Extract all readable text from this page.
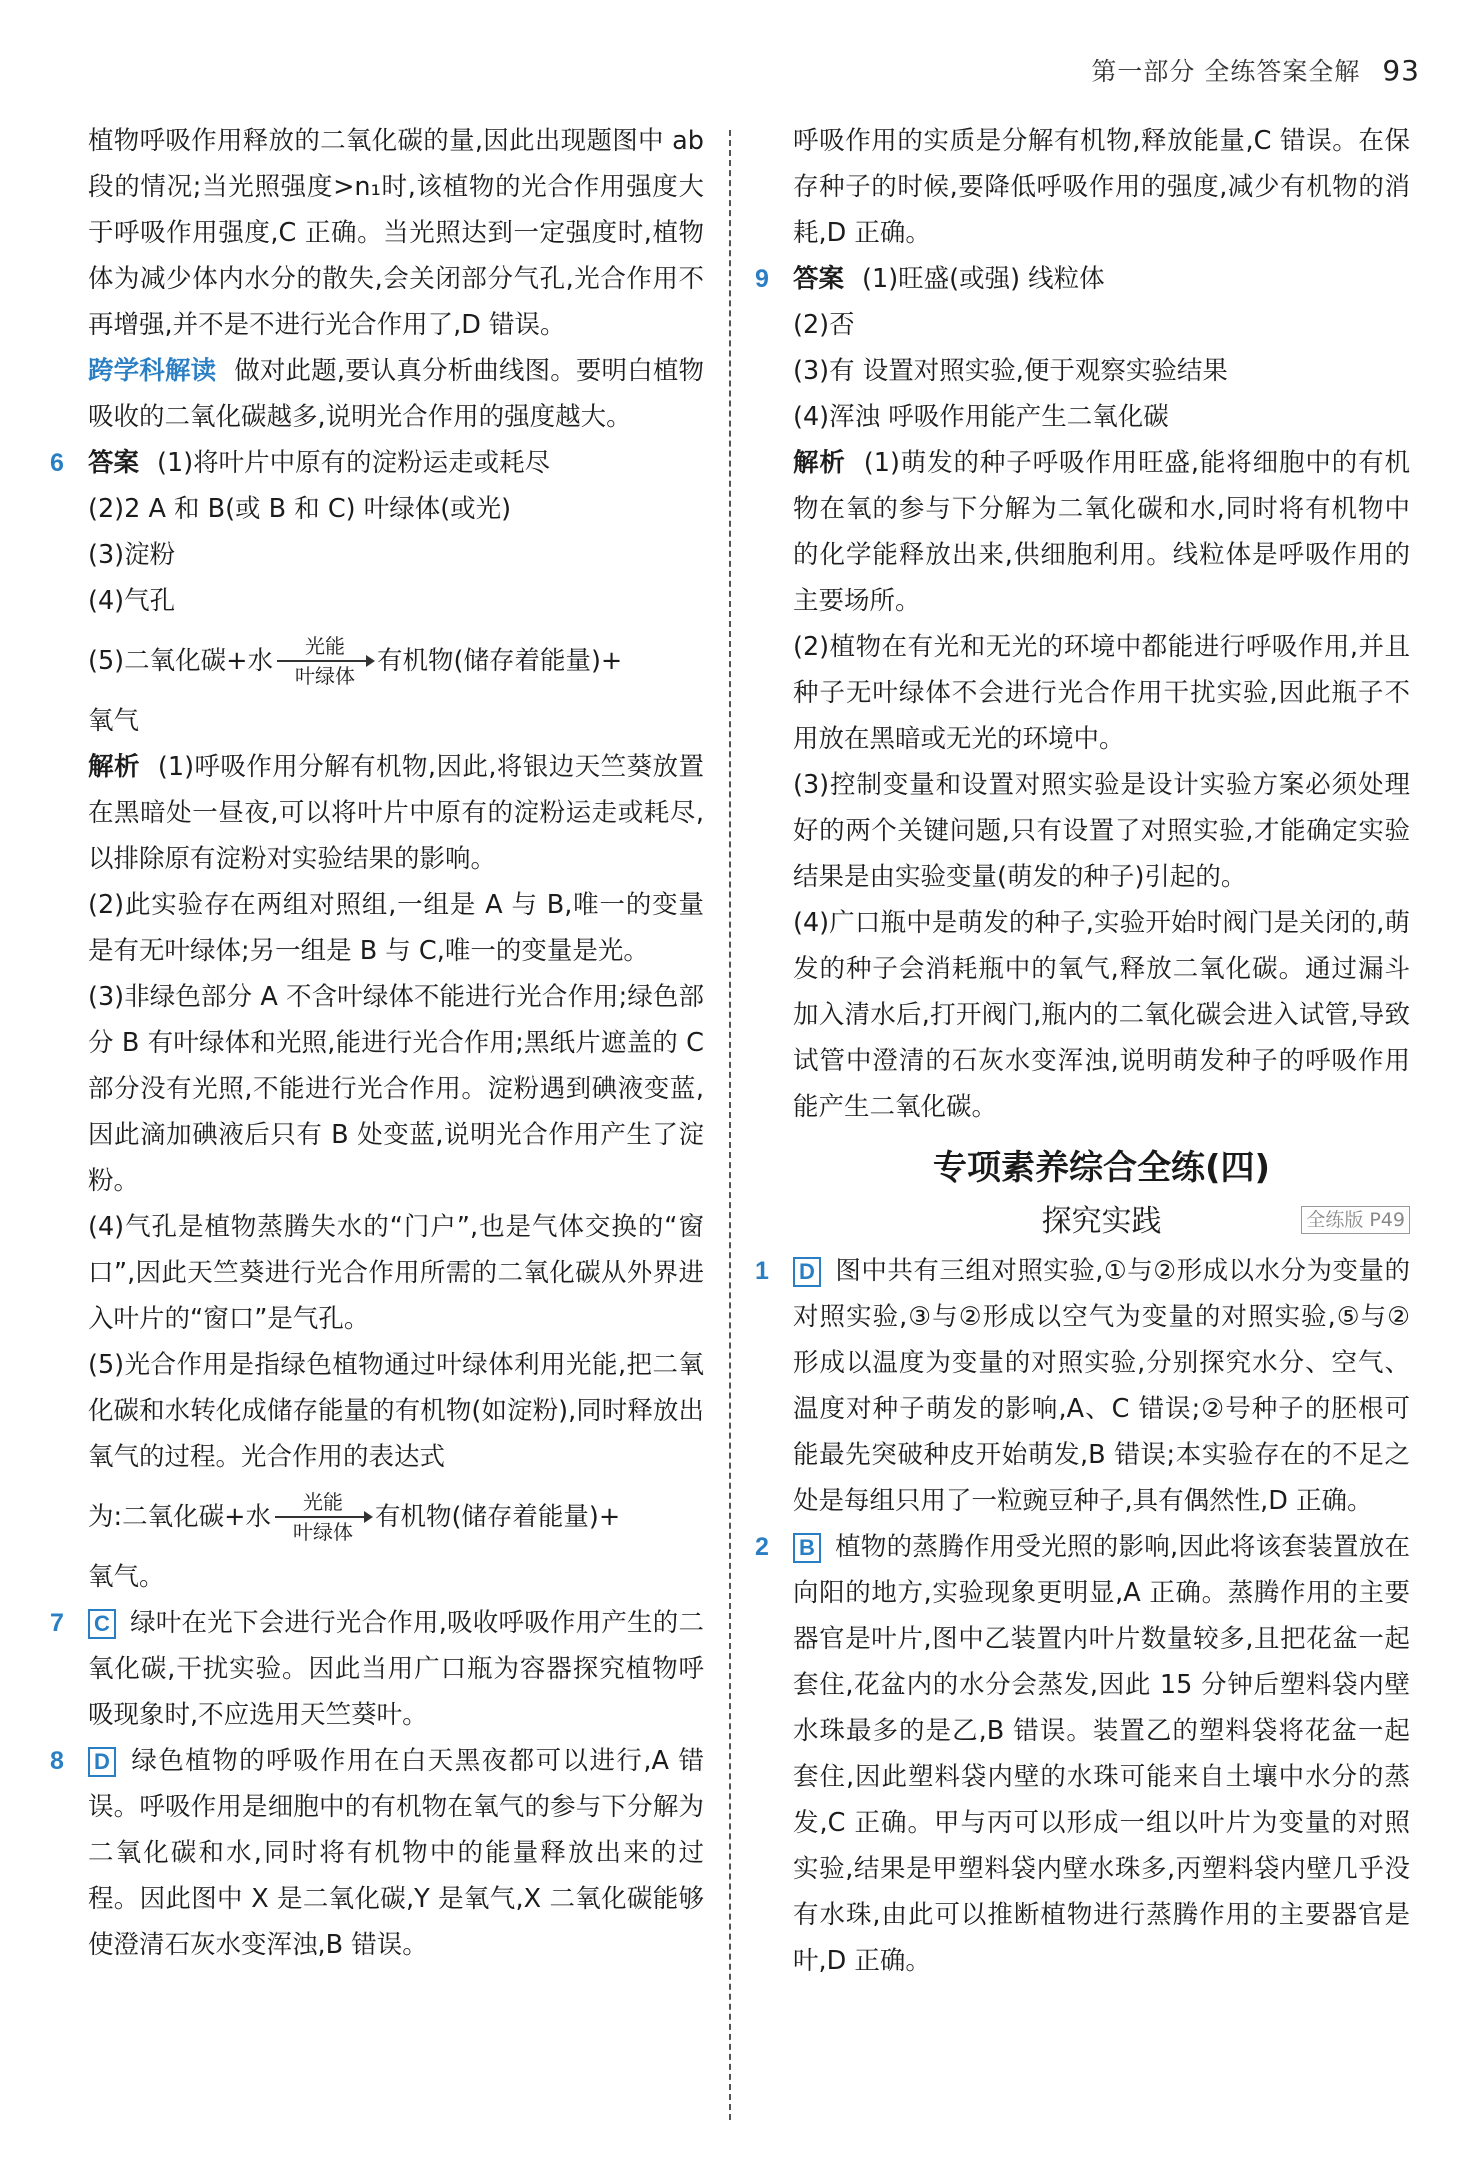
第一部分 全练答案全解 93

植物呼吸作用释放的二氧化碳的量,因此出现题图中 ab 段的情况;当光照强度>n₁时,该植物的光合作用强度大于呼吸作用强度,C 正确。当光照达到一定强度时,植物体为减少体内水分的散失,会关闭部分气孔,光合作用不再增强,并不是不进行光合作用了,D 错误。

跨学科解读 做对此题,要认真分析曲线图。要明白植物吸收的二氧化碳越多,说明光合作用的强度越大。

6 答案 (1)将叶片中原有的淀粉运走或耗尽

(2)2 A 和 B(或 B 和 C) 叶绿体(或光)

(3)淀粉

(4)气孔

(5)二氧化碳+水 光能
叶绿体 有机物(储存着能量)+

氧气

解析 (1)呼吸作用分解有机物,因此,将银边天竺葵放置在黑暗处一昼夜,可以将叶片中原有的淀粉运走或耗尽,以排除原有淀粉对实验结果的影响。

(2)此实验存在两组对照组,一组是 A 与 B,唯一的变量是有无叶绿体;另一组是 B 与 C,唯一的变量是光。

(3)非绿色部分 A 不含叶绿体不能进行光合作用;绿色部分 B 有叶绿体和光照,能进行光合作用;黑纸片遮盖的 C 部分没有光照,不能进行光合作用。淀粉遇到碘液变蓝,因此滴加碘液后只有 B 处变蓝,说明光合作用产生了淀粉。

(4)气孔是植物蒸腾失水的“门户”,也是气体交换的“窗口”,因此天竺葵进行光合作用所需的二氧化碳从外界进入叶片的“窗口”是气孔。

(5)光合作用是指绿色植物通过叶绿体利用光能,把二氧化碳和水转化成储存能量的有机物(如淀粉),同时释放出氧气的过程。光合作用的表达式

为:二氧化碳+水 光能
叶绿体 有机物(储存着能量)+

氧气。

7 C 绿叶在光下会进行光合作用,吸收呼吸作用产生的二氧化碳,干扰实验。因此当用广口瓶为容器探究植物呼吸现象时,不应选用天竺葵叶。

8 D 绿色植物的呼吸作用在白天黑夜都可以进行,A 错误。呼吸作用是细胞中的有机物在氧气的参与下分解为二氧化碳和水,同时将有机物中的能量释放出来的过程。因此图中 X 是二氧化碳,Y 是氧气,X 二氧化碳能够使澄清石灰水变浑浊,B 错误。

呼吸作用的实质是分解有机物,释放能量,C 错误。在保存种子的时候,要降低呼吸作用的强度,减少有机物的消耗,D 正确。

9 答案 (1)旺盛(或强) 线粒体

(2)否

(3)有 设置对照实验,便于观察实验结果

(4)浑浊 呼吸作用能产生二氧化碳

解析 (1)萌发的种子呼吸作用旺盛,能将细胞中的有机物在氧的参与下分解为二氧化碳和水,同时将有机物中的化学能释放出来,供细胞利用。线粒体是呼吸作用的主要场所。

(2)植物在有光和无光的环境中都能进行呼吸作用,并且种子无叶绿体不会进行光合作用干扰实验,因此瓶子不用放在黑暗或无光的环境中。

(3)控制变量和设置对照实验是设计实验方案必须处理好的两个关键问题,只有设置了对照实验,才能确定实验结果是由实验变量(萌发的种子)引起的。

(4)广口瓶中是萌发的种子,实验开始时阀门是关闭的,萌发的种子会消耗瓶中的氧气,释放二氧化碳。通过漏斗加入清水后,打开阀门,瓶内的二氧化碳会进入试管,导致试管中澄清的石灰水变浑浊,说明萌发种子的呼吸作用能产生二氧化碳。

专项素养综合全练(四)
探究实践	全练版 P49
1 D 图中共有三组对照实验,①与②形成以水分为变量的对照实验,③与②形成以空气为变量的对照实验,⑤与②形成以温度为变量的对照实验,分别探究水分、空气、温度对种子萌发的影响,A、C 错误;②号种子的胚根可能最先突破种皮开始萌发,B 错误;本实验存在的不足之处是每组只用了一粒豌豆种子,具有偶然性,D 正确。

2 B 植物的蒸腾作用受光照的影响,因此将该套装置放在向阳的地方,实验现象更明显,A 正确。蒸腾作用的主要器官是叶片,图中乙装置内叶片数量较多,且把花盆一起套住,花盆内的水分会蒸发,因此 15 分钟后塑料袋内壁水珠最多的是乙,B 错误。装置乙的塑料袋将花盆一起套住,因此塑料袋内壁的水珠可能来自土壤中水分的蒸发,C 正确。甲与丙可以形成一组以叶片为变量的对照实验,结果是甲塑料袋内壁水珠多,丙塑料袋内壁几乎没有水珠,由此可以推断植物进行蒸腾作用的主要器官是叶,D 正确。
